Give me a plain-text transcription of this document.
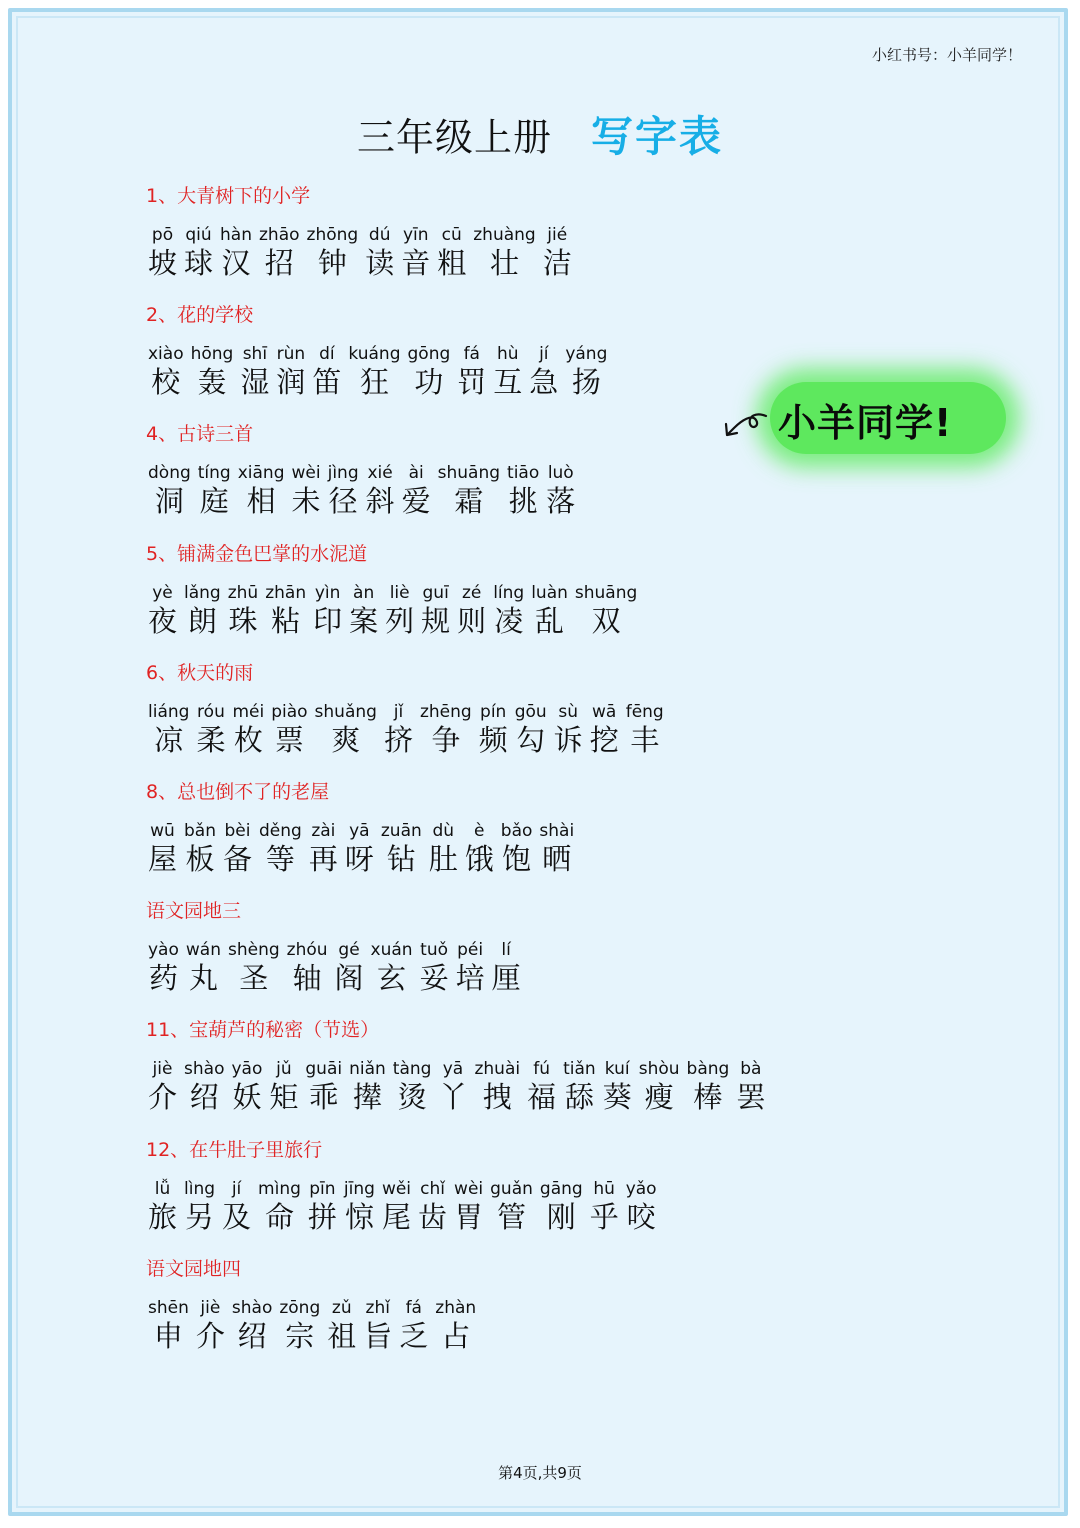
小红书号：小羊同学！
三年级上册 写字表
小羊同学!
1、大青树下的小学
pō
坡
qiú
球
hàn
汉
zhāo
招
zhōng
钟
dú
读
yīn
音
cū
粗
zhuàng
壮
jié
洁
2、花的学校
xiào
校
hōng
轰
shī
湿
rùn
润
dí
笛
kuáng
狂
gōng
功
fá
罚
hù
互
jí
急
yáng
扬
4、古诗三首
dòng
洞
tíng
庭
xiāng
相
wèi
未
jìng
径
xié
斜
ài
爱
shuāng
霜
tiāo
挑
luò
落
5、铺满金色巴掌的水泥道
yè
夜
lǎng
朗
zhū
珠
zhān
粘
yìn
印
àn
案
liè
列
guī
规
zé
则
líng
凌
luàn
乱
shuāng
双
6、秋天的雨
liáng
凉
róu
柔
méi
枚
piào
票
shuǎng
爽
jǐ
挤
zhēng
争
pín
频
gōu
勾
sù
诉
wā
挖
fēng
丰
8、总也倒不了的老屋
wū
屋
bǎn
板
bèi
备
děng
等
zài
再
yā
呀
zuān
钻
dù
肚
è
饿
bǎo
饱
shài
晒
语文园地三
yào
药
wán
丸
shèng
圣
zhóu
轴
gé
阁
xuán
玄
tuǒ
妥
péi
培
lí
厘
11、宝葫芦的秘密（节选）
jiè
介
shào
绍
yāo
妖
jǔ
矩
guāi
乖
niǎn
撵
tàng
烫
yā
丫
zhuài
拽
fú
福
tiǎn
舔
kuí
葵
shòu
瘦
bàng
棒
bà
罢
12、在牛肚子里旅行
lǚ
旅
lìng
另
jí
及
mìng
命
pīn
拼
jīng
惊
wěi
尾
chǐ
齿
wèi
胃
guǎn
管
gāng
刚
hū
乎
yǎo
咬
语文园地四
shēn
申
jiè
介
shào
绍
zōng
宗
zǔ
祖
zhǐ
旨
fá
乏
zhàn
占
第4页,共9页
